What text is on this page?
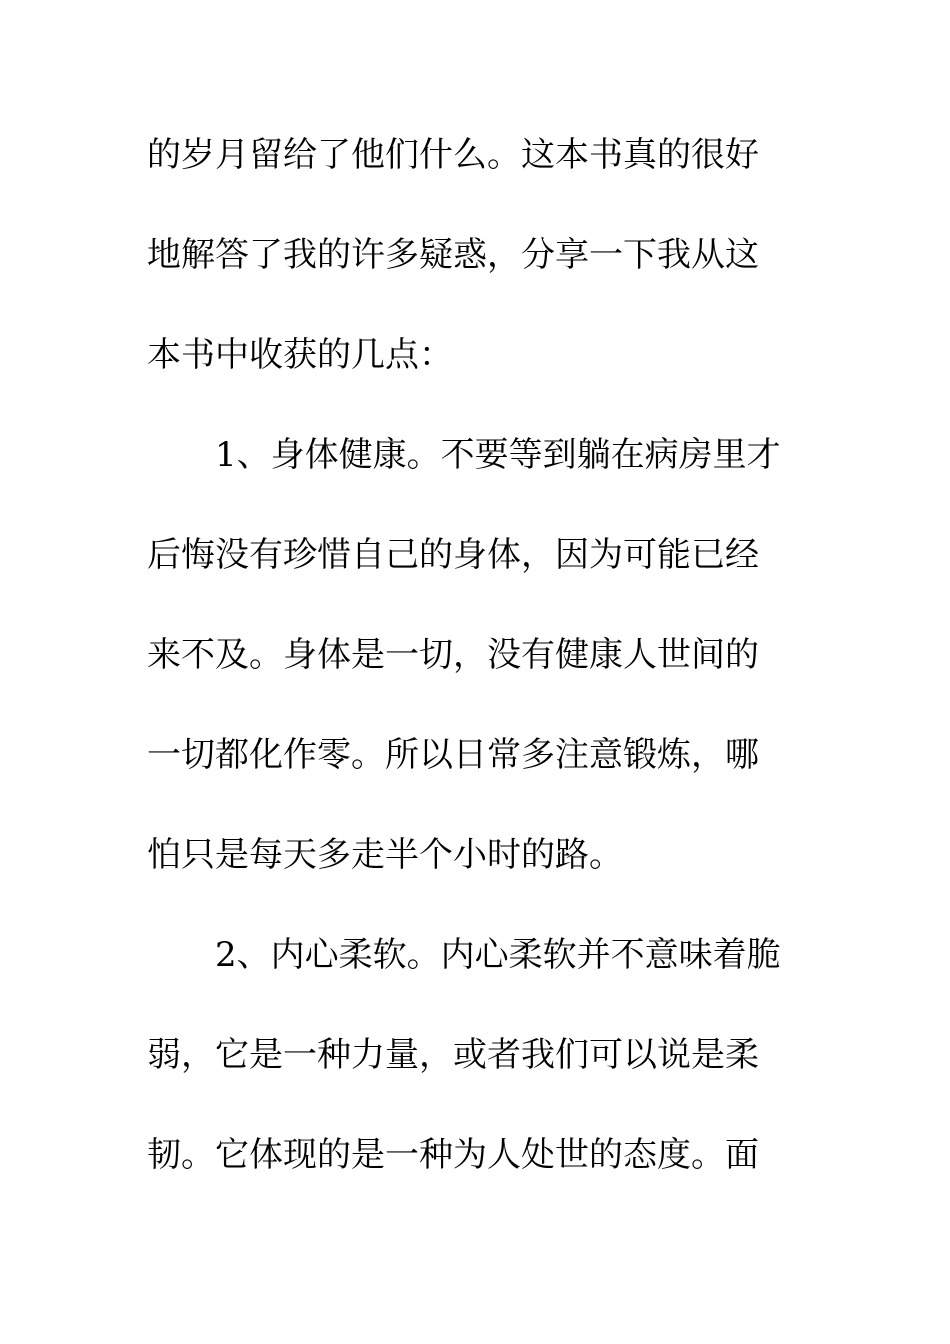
的岁月留给了他们什么。这本书真的很好
地解答了我的许多疑惑，分享一下我从这
本书中收获的几点：
1、身体健康。不要等到躺在病房里才
后悔没有珍惜自己的身体，因为可能已经
来不及。身体是一切，没有健康人世间的
一切都化作零。所以日常多注意锻炼，哪
怕只是每天多走半个小时的路。
2、内心柔软。内心柔软并不意味着脆
弱，它是一种力量，或者我们可以说是柔
韧。它体现的是一种为人处世的态度。面
